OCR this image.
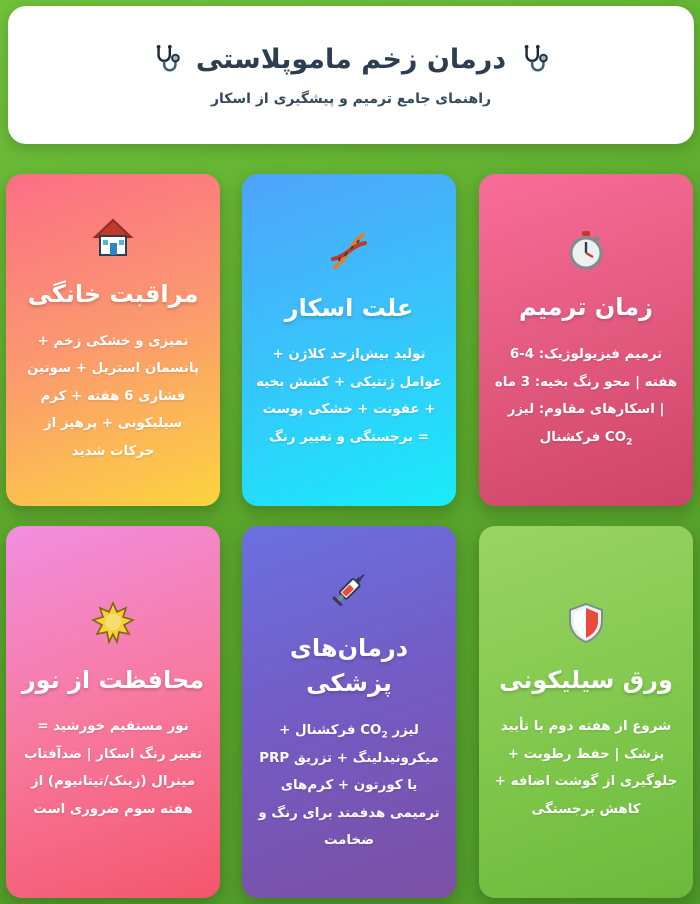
درمان زخم ماموپلاستی

راهنمای جامع ترمیم و پیشگیری از اسکار

زمان ترمیم

ترمیم فیزیولوژیک: 4-6 هفته | محو رنگ بخیه: 3 ماه | اسکارهای مقاوم: لیزر $CO_2$ فرکشنال

علت اسکار

تولید بیش‌ازحد کلاژن + عوامل ژنتیکی + کشش بخیه + عفونت + خشکی پوست = برجستگی و تغییر رنگ

مراقبت خانگی

تمیزی و خشکی زخم + پانسمان استریل + سوتین فشاری 6 هفته + کرم سیلیکونی + پرهیز از حرکات شدید

ورق سیلیکونی

شروع از هفته دوم با تأیید پزشک | حفظ رطوبت + جلوگیری از گوشت اضافه + کاهش برجستگی

درمان‌های پزشکی

لیزر $CO_2$ فرکشنال + میکرونیدلینگ + تزریق PRP یا کورتون + کرم‌های ترمیمی هدفمند برای رنگ و ضخامت

محافظت از نور

نور مستقیم خورشید = تغییر رنگ اسکار | ضدآفتاب مینرال (زینک/تیتانیوم) از هفته سوم ضروری است
